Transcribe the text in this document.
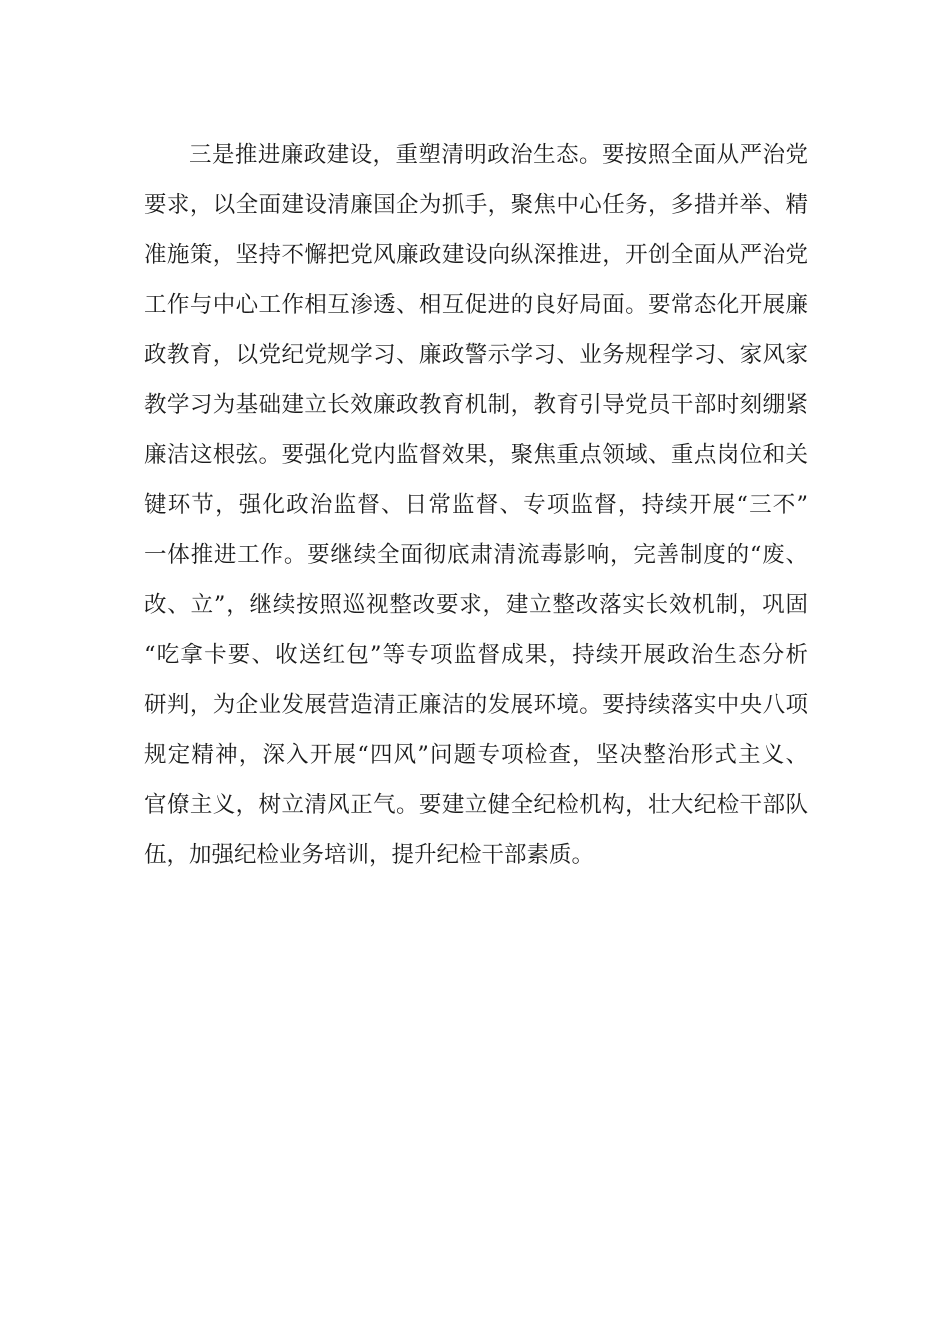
三是推进廉政建设，重塑清明政治生态。要按照全面从严治党
要求，以全面建设清廉国企为抓手，聚焦中心任务，多措并举、精
准施策，坚持不懈把党风廉政建设向纵深推进，开创全面从严治党
工作与中心工作相互渗透、相互促进的良好局面。要常态化开展廉
政教育，以党纪党规学习、廉政警示学习、业务规程学习、家风家
教学习为基础建立长效廉政教育机制，教育引导党员干部时刻绷紧
廉洁这根弦。要强化党内监督效果，聚焦重点领域、重点岗位和关
键环节，强化政治监督、日常监督、专项监督，持续开展“三不”
一体推进工作。要继续全面彻底肃清流毒影响，完善制度的“废、
改、立”，继续按照巡视整改要求，建立整改落实长效机制，巩固
“吃拿卡要、收送红包”等专项监督成果，持续开展政治生态分析
研判，为企业发展营造清正廉洁的发展环境。要持续落实中央八项
规定精神，深入开展“四风”问题专项检查，坚决整治形式主义、
官僚主义，树立清风正气。要建立健全纪检机构，壮大纪检干部队
伍，加强纪检业务培训，提升纪检干部素质。
